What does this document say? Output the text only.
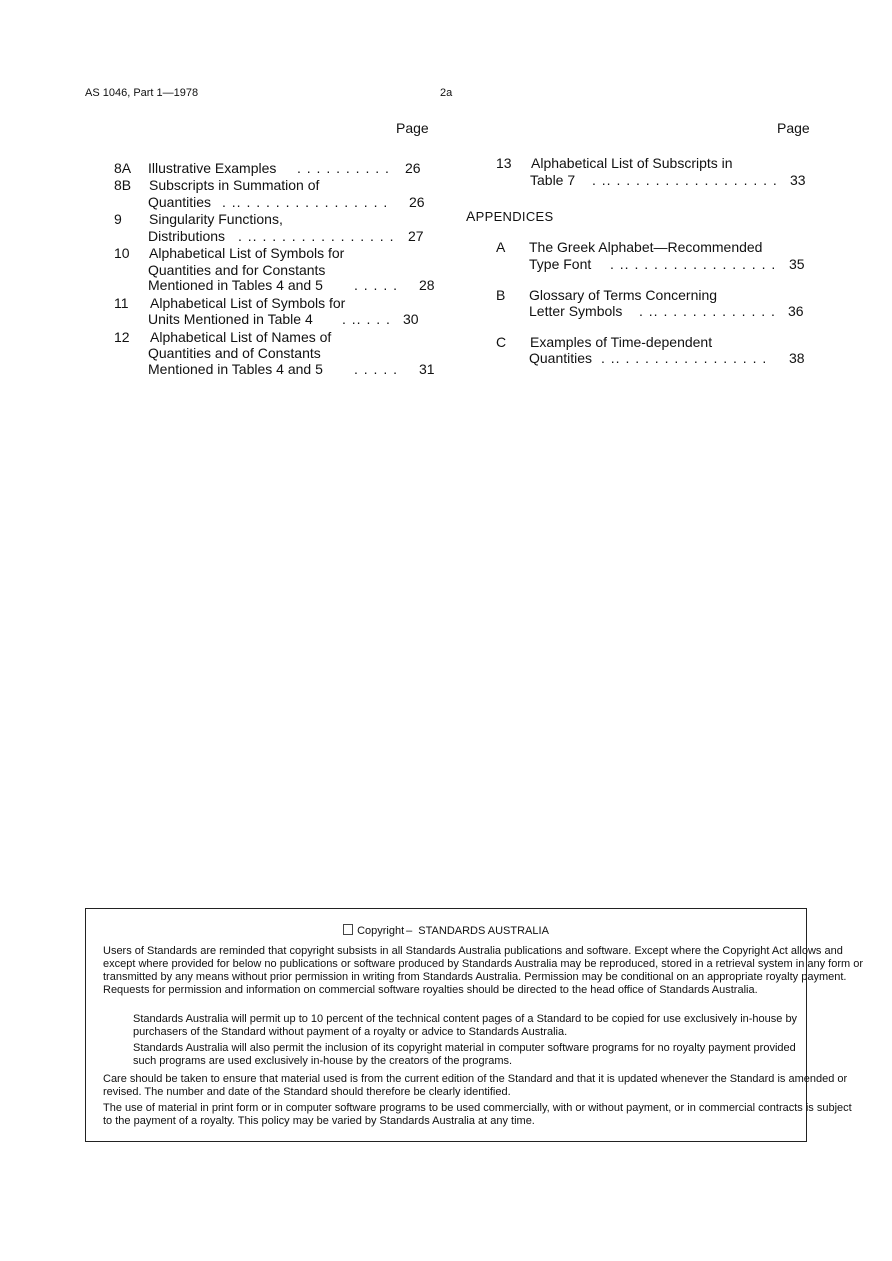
AS 1046, Part 1—1978	2a
Page	Page
8A Illustrative Examples . . . . . . . . . . 26
8B Subscripts in Summation of
Quantities . .. . . . . . . . . . . . . . . . 26
9 Singularity Functions,
Distributions . .. . . . . . . . . . . . . . . 27
10 Alphabetical List of Symbols for
Quantities and for Constants
Mentioned in Tables 4 and 5 . . . . . 28
11 Alphabetical List of Symbols for
Units Mentioned in Table 4 . .. . . . 30
12 Alphabetical List of Names of
Quantities and of Constants
Mentioned in Tables 4 and 5 . . . . . 31
13 Alphabetical List of Subscripts in
Table 7 . .. . . . . . . . . . . . . . . . . . 33
APPENDICES
A The Greek Alphabet—Recommended
Type Font . .. . . . . . . . . . . . . . . . 35
B Glossary of Terms Concerning
Letter Symbols . .. . . . . . . . . . . . . 36
C Examples of Time-dependent
Quantities . .. . . . . . . . . . . . . . . . 38
Copyright – STANDARDS AUSTRALIA
Users of Standards are reminded that copyright subsists in all Standards Australia publications and software. Except where the Copyright Act allows and except where provided for below no publications or software produced by Standards Australia may be reproduced, stored in a retrieval system in any form or transmitted by any means without prior permission in writing from Standards Australia. Permission may be conditional on an appropriate royalty payment. Requests for permission and information on commercial software royalties should be directed to the head office of Standards Australia.
Standards Australia will permit up to 10 percent of the technical content pages of a Standard to be copied for use exclusively in-house by purchasers of the Standard without payment of a royalty or advice to Standards Australia.
Standards Australia will also permit the inclusion of its copyright material in computer software programs for no royalty payment provided such programs are used exclusively in-house by the creators of the programs.
Care should be taken to ensure that material used is from the current edition of the Standard and that it is updated whenever the Standard is amended or revised. The number and date of the Standard should therefore be clearly identified.
The use of material in print form or in computer software programs to be used commercially, with or without payment, or in commercial contracts is subject to the payment of a royalty. This policy may be varied by Standards Australia at any time.
